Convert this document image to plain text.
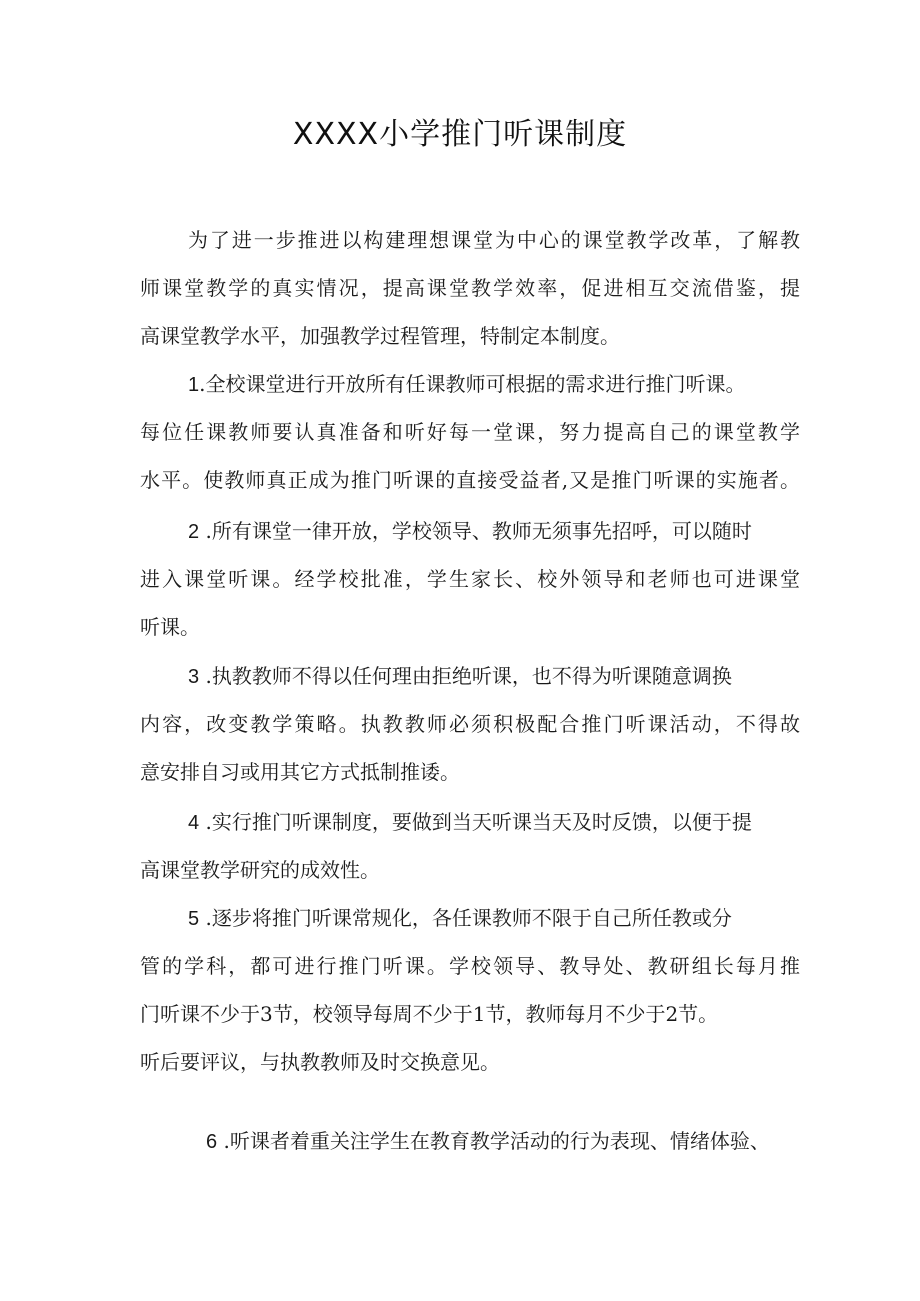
XXXX小学推门听课制度
为了进一步推进以构建理想课堂为中心的课堂教学改革，了解教
师课堂教学的真实情况，提高课堂教学效率，促进相互交流借鉴，提
高课堂教学水平，加强教学过程管理，特制定本制度。
1.全校课堂进行开放所有任课教师可根据的需求进行推门听课。
每位任课教师要认真准备和听好每一堂课，努力提高自己的课堂教学
水平。使教师真正成为推门听课的直接受益者,又是推门听课的实施者。
2 .所有课堂一律开放，学校领导、教师无须事先招呼，可以随时
进入课堂听课。经学校批准，学生家长、校外领导和老师也可进课堂
听课。
3 .执教教师不得以任何理由拒绝听课，也不得为听课随意调换
内容，改变教学策略。执教教师必须积极配合推门听课活动，不得故
意安排自习或用其它方式抵制推诿。
4 .实行推门听课制度，要做到当天听课当天及时反馈，以便于提
高课堂教学研究的成效性。
5 .逐步将推门听课常规化，各任课教师不限于自己所任教或分
管的学科，都可进行推门听课。学校领导、教导处、教研组长每月推
门听课不少于3节，校领导每周不少于1节，教师每月不少于2节。
听后要评议，与执教教师及时交换意见。
6 .听课者着重关注学生在教育教学活动的行为表现、情绪体验、
